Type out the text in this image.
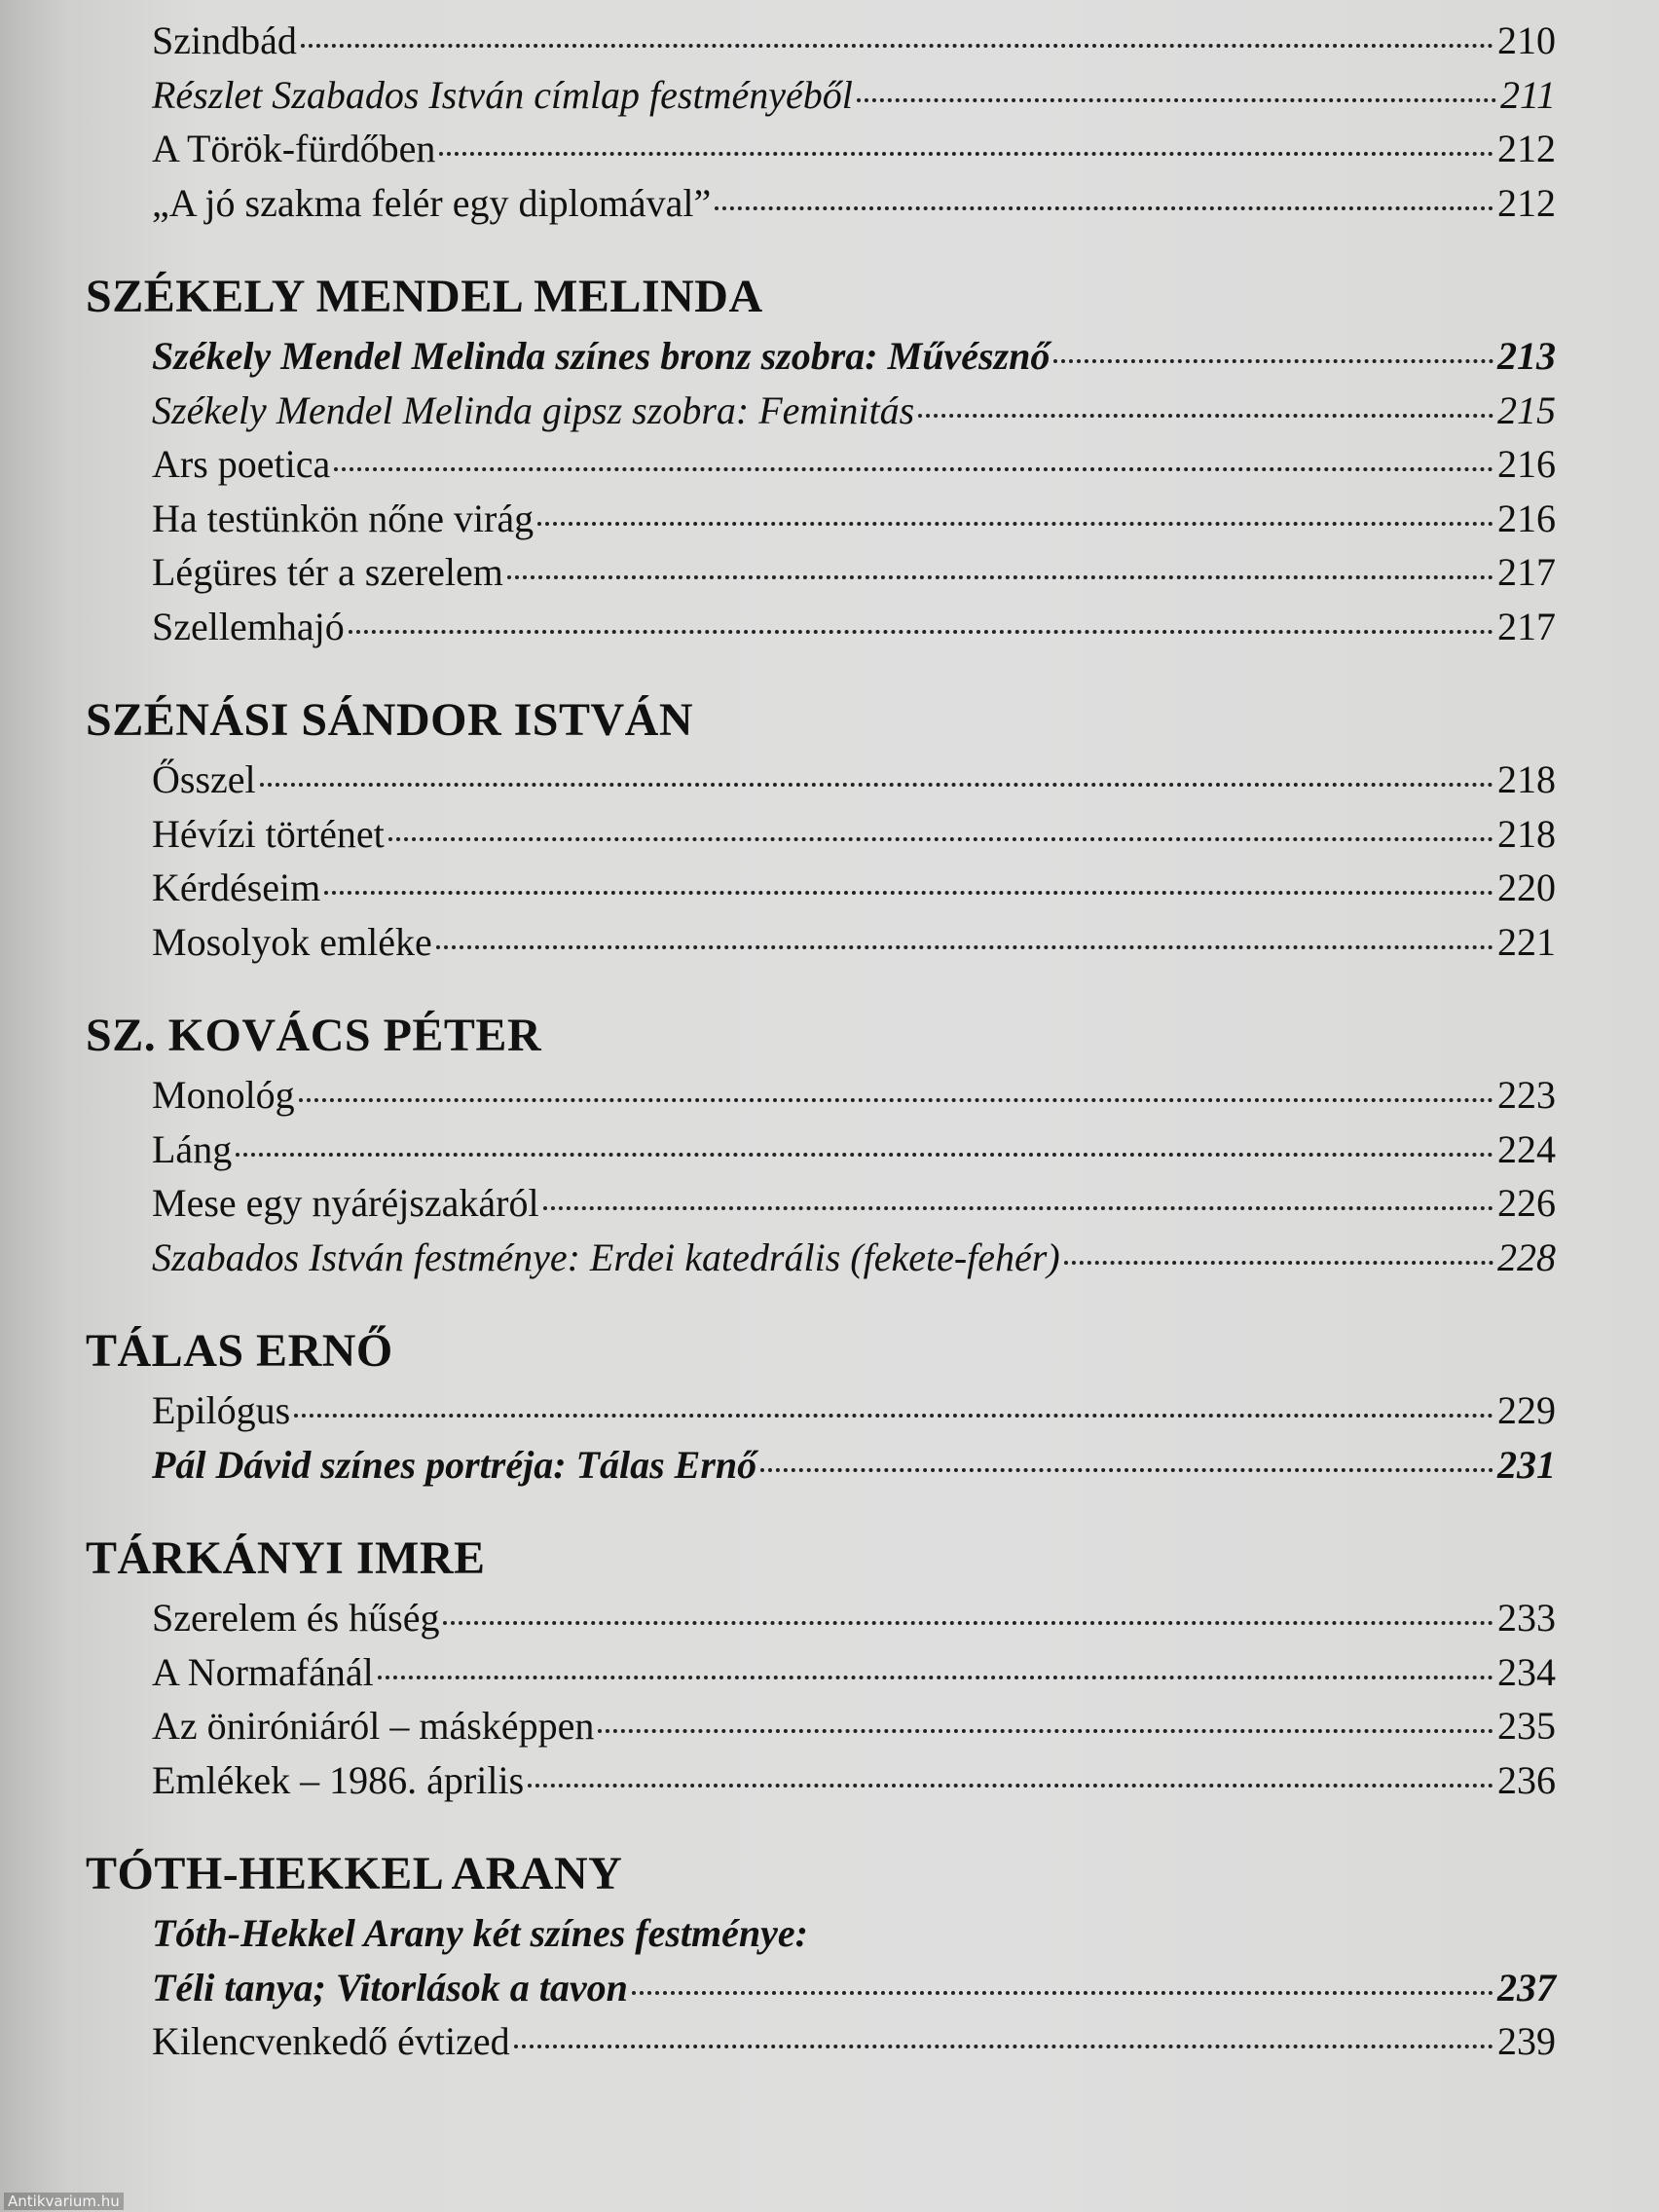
Szindbád	210
Részlet Szabados István címlap festményéből	211
A Török-fürdőben	212
„A jó szakma felér egy diplomával”	212
SZÉKELY MENDEL MELINDA
Székely Mendel Melinda színes bronz szobra: Művésznő	213
Székely Mendel Melinda gipsz szobra: Feminitás	215
Ars poetica	216
Ha testünkön nőne virág	216
Légüres tér a szerelem	217
Szellemhajó	217
SZÉNÁSI SÁNDOR ISTVÁN
Ősszel	218
Hévízi történet	218
Kérdéseim	220
Mosolyok emléke	221
SZ. KOVÁCS PÉTER
Monológ	223
Láng	224
Mese egy nyáréjszakáról	226
Szabados István festménye: Erdei katedrális (fekete-fehér)	228
TÁLAS ERNŐ
Epilógus	229
Pál Dávid színes portréja: Tálas Ernő	231
TÁRKÁNYI IMRE
Szerelem és hűség	233
A Normafánál	234
Az öniróniáról – másképpen	235
Emlékek – 1986. április	236
TÓTH-HEKKEL ARANY
Tóth-Hekkel Arany két színes festménye:
Téli tanya; Vitorlások a tavon	237
Kilencvenkedő évtized	239
Antikvarium.hu
